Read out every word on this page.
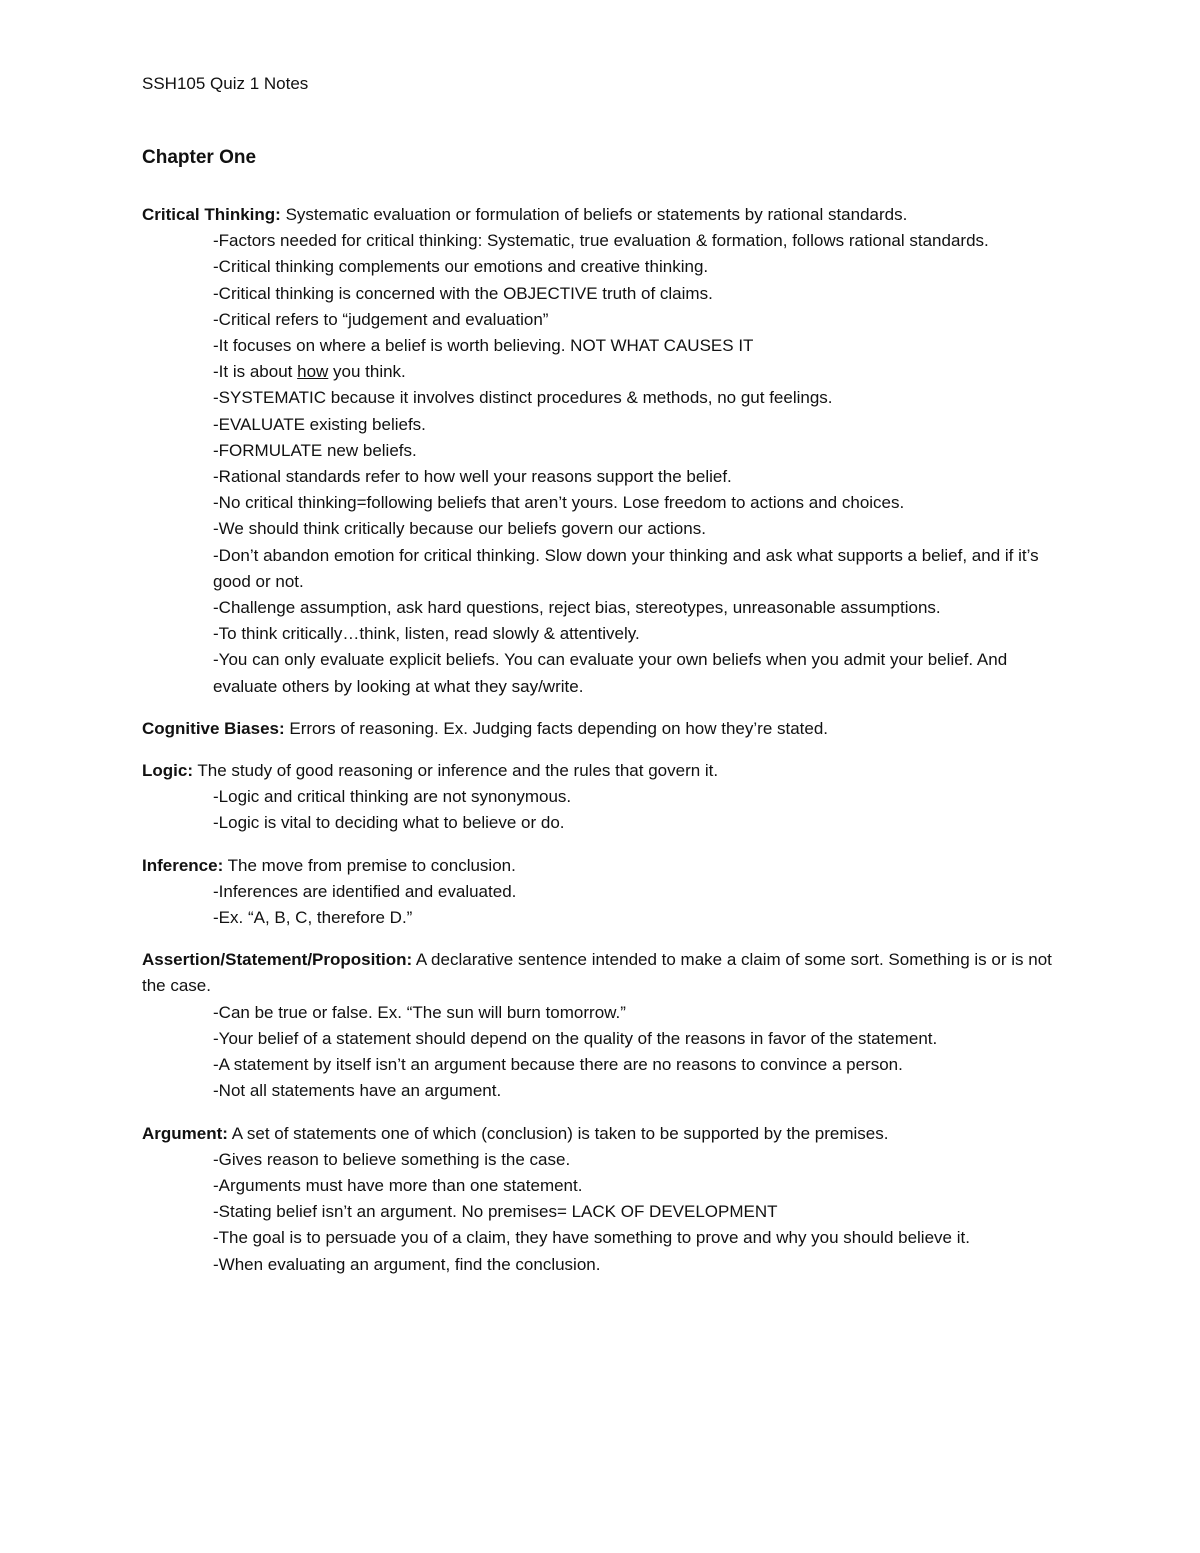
SSH105 Quiz 1 Notes
Chapter One

Critical Thinking: Systematic evaluation or formulation of beliefs or statements by rational standards.

-Factors needed for critical thinking: Systematic, true evaluation & formation, follows rational standards.
-Critical thinking complements our emotions and creative thinking.
-Critical thinking is concerned with the OBJECTIVE truth of claims.
-Critical refers to “judgement and evaluation”
-It focuses on where a belief is worth believing. NOT WHAT CAUSES IT
-It is about how you think.
-SYSTEMATIC because it involves distinct procedures & methods, no gut feelings.
-EVALUATE existing beliefs.
-FORMULATE new beliefs.
-Rational standards refer to how well your reasons support the belief.
-No critical thinking=following beliefs that aren’t yours. Lose freedom to actions and choices.
-We should think critically because our beliefs govern our actions.
-Don’t abandon emotion for critical thinking. Slow down your thinking and ask what supports a belief, and if it’s good or not.
-Challenge assumption, ask hard questions, reject bias, stereotypes, unreasonable assumptions.
-To think critically…think, listen, read slowly & attentively.
-You can only evaluate explicit beliefs. You can evaluate your own beliefs when you admit your belief. And evaluate others by looking at what they say/write.

Cognitive Biases: Errors of reasoning. Ex. Judging facts depending on how they’re stated.

Logic: The study of good reasoning or inference and the rules that govern it.

-Logic and critical thinking are not synonymous.
-Logic is vital to deciding what to believe or do.

Inference: The move from premise to conclusion.

-Inferences are identified and evaluated.
-Ex. “A, B, C, therefore D.”

Assertion/Statement/Proposition: A declarative sentence intended to make a claim of some sort. Something is or is not the case.

-Can be true or false. Ex. “The sun will burn tomorrow.”
-Your belief of a statement should depend on the quality of the reasons in favor of the statement.
-A statement by itself isn’t an argument because there are no reasons to convince a person.
-Not all statements have an argument.

Argument: A set of statements one of which (conclusion) is taken to be supported by the premises.

-Gives reason to believe something is the case.
-Arguments must have more than one statement.
-Stating belief isn’t an argument. No premises= LACK OF DEVELOPMENT
-The goal is to persuade you of a claim, they have something to prove and why you should believe it.
-When evaluating an argument, find the conclusion.
